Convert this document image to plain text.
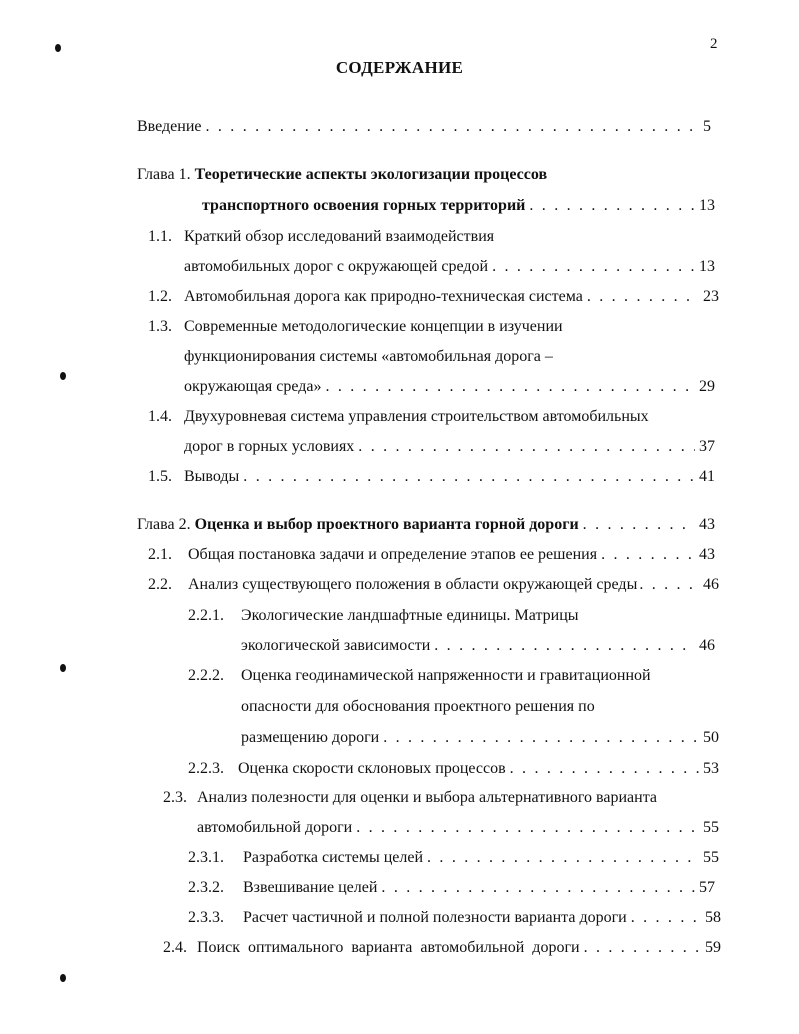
2
СОДЕРЖАНИЕ
Введение . . .	5
Глава 1. Теоретические аспекты экологизации процессов
транспортного освоения горных территорий . . .	13
1.1. Краткий обзор исследований взаимодействия
автомобильных дорог с окружающей средой . . .	13
1.2. Автомобильная дорога как природно-техническая система . . .	23
1.3. Современные методологические концепции в изучении
функционирования системы «автомобильная дорога –
окружающая среда» . . .	29
1.4. Двухуровневая система управления строительством автомобильных
дорог в горных условиях . . .	37
1.5. Выводы . . .	41
Глава 2. Оценка и выбор проектного варианта горной дороги . . .	43
2.1. Общая постановка задачи и определение этапов ее решения . . .	43
2.2. Анализ существующего положения в области окружающей среды . . .	46
2.2.1. Экологические ландшафтные единицы. Матрицы
экологической зависимости . . .	46
2.2.2. Оценка геодинамической напряженности и гравитационной
опасности для обоснования проектного решения по
размещению дороги . . .	50
2.2.3. Оценка скорости склоновых процессов . . .	53
2.3. Анализ полезности для оценки и выбора альтернативного варианта
автомобильной дороги . . .	55
2.3.1. Разработка системы целей . . .	55
2.3.2. Взвешивание целей . . .	57
2.3.3. Расчет частичной и полной полезности варианта дороги . . .	58
2.4. Поиск  оптимального  варианта  автомобильной  дороги . . .	59
